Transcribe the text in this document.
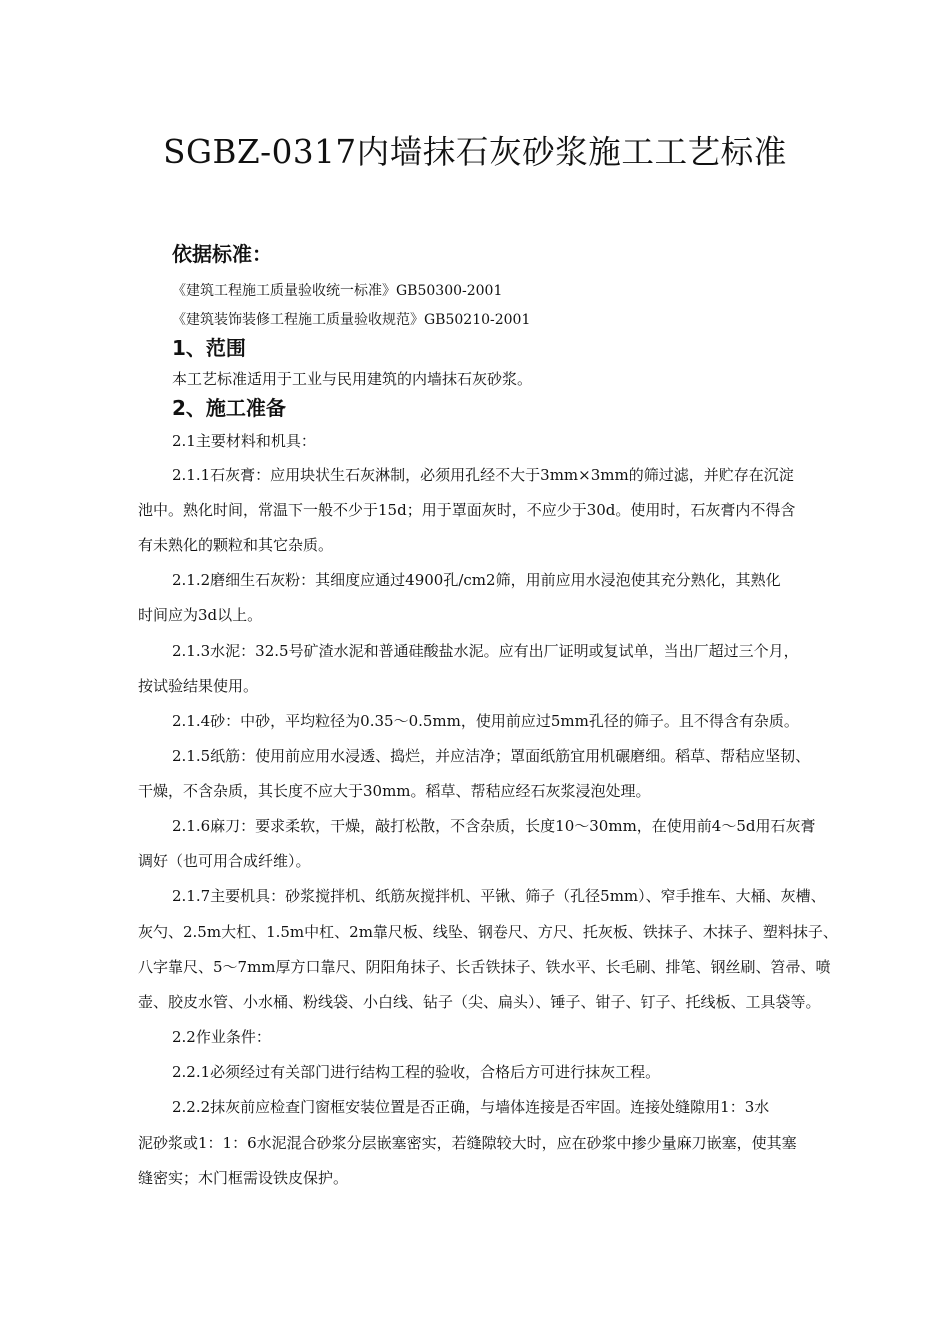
SGBZ-0317内墙抹石灰砂浆施工工艺标准
依据标准：
《建筑工程施工质量验收统一标准》GB50300-2001
《建筑装饰装修工程施工质量验收规范》GB50210-2001
1、范围
本工艺标准适用于工业与民用建筑的内墙抹石灰砂浆。
2、施工准备
2.1主要材料和机具：
2.1.1石灰膏：应用块状生石灰淋制，必须用孔经不大于3mm×3mm的筛过滤，并贮存在沉淀
池中。熟化时间，常温下一般不少于15d；用于罩面灰时，不应少于30d。使用时，石灰膏内不得含
有未熟化的颗粒和其它杂质。
2.1.2磨细生石灰粉：其细度应通过4900孔/cm2筛，用前应用水浸泡使其充分熟化，其熟化
时间应为3d以上。
2.1.3水泥：32.5号矿渣水泥和普通硅酸盐水泥。应有出厂证明或复试单，当出厂超过三个月，
按试验结果使用。
2.1.4砂：中砂，平均粒径为0.35～0.5mm，使用前应过5mm孔径的筛子。且不得含有杂质。
2.1.5纸筋：使用前应用水浸透、捣烂，并应洁净；罩面纸筋宜用机碾磨细。稻草、帮秸应坚韧、
干燥，不含杂质，其长度不应大于30mm。稻草、帮秸应经石灰浆浸泡处理。
2.1.6麻刀：要求柔软，干燥，敲打松散，不含杂质，长度10～30mm，在使用前4～5d用石灰膏
调好（也可用合成纤维）。
2.1.7主要机具：砂浆搅拌机、纸筋灰搅拌机、平锹、筛子（孔径5mm）、窄手推车、大桶、灰槽、
灰勺、2.5m大杠、1.5m中杠、2m靠尺板、线坠、钢卷尺、方尺、托灰板、铁抹子、木抹子、塑料抹子、
八字靠尺、5～7mm厚方口靠尺、阴阳角抹子、长舌铁抹子、铁水平、长毛刷、排笔、钢丝刷、笤帚、喷
壶、胶皮水管、小水桶、粉线袋、小白线、钻子（尖、扁头）、锤子、钳子、钉子、托线板、工具袋等。
2.2作业条件：
2.2.1必须经过有关部门进行结构工程的验收，合格后方可进行抹灰工程。
2.2.2抹灰前应检查门窗框安装位置是否正确，与墙体连接是否牢固。连接处缝隙用1：3水
泥砂浆或1：1：6水泥混合砂浆分层嵌塞密实，若缝隙较大时，应在砂浆中掺少量麻刀嵌塞，使其塞
缝密实；木门框需设铁皮保护。
